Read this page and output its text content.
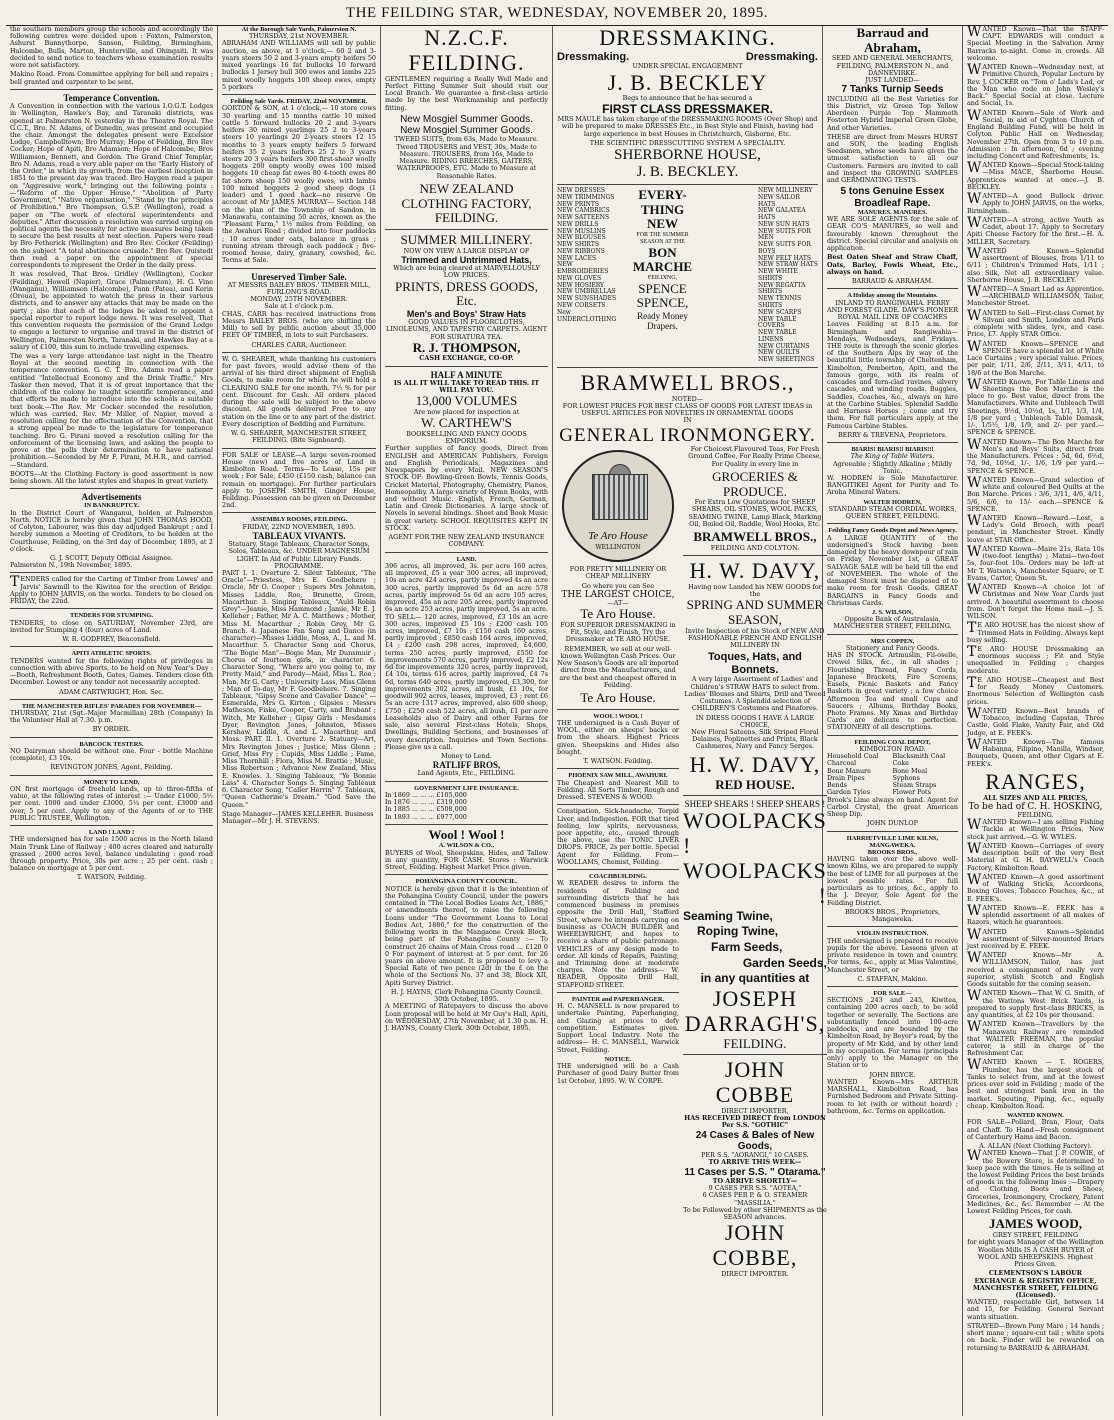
THE FEILDING STAR, WEDNESDAY, NOVEMBER 20, 1895.

the southern members group the schools and accordingly the following centres were decided upon : Foxton, Palmerston, Ashurst Bunnythorpe, Sanson, Feilding, Birmingham, Halcombe, Bulls, Marton, Hunterville, and Ohingaiti. It was decided to send notice to teachers whose examination results were not satisfactory.

Makino Road. From Committee applying for bell and repairs ; bell granted and carpenter to be sent.

Temperance Convention.

A Convention in connection with the various I.O.G.T. Lodges in Wellington, Hawke's Bay, and Taranaki districts, was opened at Palmerston N. yesterday in the Theatre Royal. The G.C.T., Bro. N. Adams, of Dunedin, was present and occupied the chair. Amongst the delegates present were Excelsior Lodge, Campbelltown; Bro Murray; Hope of Feilding, Bro Rev Cocker; Hope of Apiti, Bro Adamson; Hope of Halcombe, Bros Williamson, Bennett, and Gordon. The Grand Chief Templar, Bro N. Adams, read a very able paper on the "Early History of the Order," in which its growth, from the earliest inception in 1851 to the present day was traced. Bro Haygen read a paper on "Aggressive work," bringing out the following points :—"Reform of the Upper House," "Abolition of Party Government," "Native organisation," "Stand by the principles of Prohibition." Bro Thompson, G.S.P. (Wellington), read a paper on "The work of electoral superintendents and deputies." After discussion a resolution was carried urging on political agents the necessity for active measures being taken to secure the best results at next election. Papers were read by Bro Fetherick (Wellington) and Bro Rev. Cocker (Feilding) on the subject "A total abstinence crusade." Bro Rev. Quistedt then read a paper on the appointment of special correspondents to represent the Order in the daily press.

It was resolved, That Bros. Gridley (Wellington), Cocker (Feilding), Howell (Napier), Grace (Palmerston), H. G. Vine (Wanganui), Williamson (Halcombe), Pann (Patea), and Kerin (Oroua), be appointed to watch the press in their various districts, and to answer any attacks that may be made on the party ; also that each of the lodges be asked to appoint a special reporter to report lodge news. It was resolved, That this convention requests the permission of the Grand Lodge to engage a lecturer to organise and travel in the district of Wellington, Palmerston North, Taranaki, and Hawkes Bay at a salary of £100, this sum to include travelling expenses.

The was a very large attendance last night in the Theatre Royal at the second meeting in connection with the temperance convention. G. C. T. Bro. Adams read a paper entitled "Intellectual Economy and the Drink Traffic." Mrs Tasker then moved, That it is of great importance that the children of the colony be taught scientific temperance, and that efforts be made to introduce into the schools a suitable text book.—The Rev. Mr Cocker seconded the resolution, which was carried. Rev. Mr Miller, of Napier, moved a resolution calling for the effectuation of the Convention, that a strong appeal be made to the legislature for temperance teaching. Bro G. Pirani moved a resolution calling for the enforcement of the licensing laws, and asking the people to prove at the polls their determination to have national prohibition.—Seconded by Mr F. Pirani, M.H.R., and carried.—Standard.

BOOTS—At the Clothing Factory is good assortment is now being shown. All the latest styles and shapes in great variety.

Advertisements
IN BANKRUPTCY.

In the District Court of Wanganui, holden at Palmerston North. NOTICE is hereby given that JOHN THOMAS HOOD, of Colyton, Labourer, was this day adjudged Bankrupt ; and I hereby summon a Meeting of Creditors, to be holden at the Courthouse, Feilding, on the 3rd day of December, 1895, at 2 o'clock.

G. J. SCOTT, Deputy Official Assignee.
Palmerston N., 19th November, 1895.

TENDERS called for the Carting of Timber from Lowes' and Jarvis' Sawmill to the Kiwitea for the erection of Bridge. Apply to JOHN JARVIS, on the works. Tenders to be closed on FRIDAY, the 22nd.

TENDERS FOR STUMPING.

TENDERS, to close on SATURDAY, November 23rd, are invited for Stumping 4 (four) acres of Land.

W. R. GODFREY, Beaconsfield.
APITI ATHLETIC SPORTS.

TENDERS wanted for the following rights of privileges in connection with above Sports, to be held on New Year's Day :—Booth, Refreshment Booth, Gates, Games. Tenders close 6th December. Lowest or any tender not necessarily accepted.

ADAM CARTWRIGHT, Hon. Sec.
THE MANCHESTER RIFLES' PARADES FOR NOVEMBER—

THURSDAY, 21st (Sgt.-Major Macmillan) 28th (Company) In the Volunteer Hall at 7.30. p.m.

BY ORDER.
BABCOCK TESTERS.

NO Dairyman should be without one. Four - bottle Machine (complete), £3 10s.

REVINGTON JONES, Agent, Feilding.
MONEY TO LEND,

ON first mortgage of freehold lands, up to three-fifths of value, at the following rates of interest :— Under £1000, 5½ per cent. 1000 and under £3000, 5¼ per cent. £3000 and over, 5 per cent. Apply to any of the Agents of or to THE PUBLIC TRUSTEE, Wellington.

LAND ! LAND !

THE undersigned has for sale 1500 acres in the North Island Main Trunk Line of Railway ; 400 acres cleared and naturally grassed ; 2000 acres level, balance undulating : good road through property. Price, 30s per acre ; 25 per cent. cash ; balance on mortgage at 5 per cent.

T. WATSON, Feilding.
At the Borough Sale Yards, Palmerston N.
THURSDAY, 21st NOVEMBER.

ABRAHAM AND WILLIAMS will sell by public auction, as above, at 1 o'clock,— 60 2 and 3-years steers 50 2 and 3-years empty heifers 50 mixed yearlings 16 fat bullocks 10 forward bullocks 1 Jersey bull 300 ewes and lambs 225 mixed woolly hoggets 100 sheep ewes, empty 5 porkers

Feilding Sale Yards. FRIDAY, 22nd NOVEMBER.

GORTON & SON, at 1 o'clock,— 10 store cows 30 yearling and 15 months cattle 10 mixed cattle 5 forward bullocks 20 2 and 3-years heifers 30 mixed yearlings 25 2 to 3-years steers 10 yearlings 20 2-years steers 12 15 months to 3 years empty heifers 5 forward heifers 35 2 years heifers 25 2 to 3 years steers 20 3 years heifers 300 first-shear woolly hoggets 200 empty woolly ewes 100 mixed hoggets 10 cheap fat ewes 80 4-tooth ewes 80 fat shorn sheep 150 woolly ewes, with lambs 100 mixed hoggets 2 good sheep dogs (1 leader) and 1 good hack—no reserve On account of Mr JAMES MURRAY— Section 148 on the plan of the Township of Sandon, in Manawatu, containing 50 acres, known as the "Pleasant Farm," 1½ miles from Feilding, on the Awahuri Road ; divided into four paddocks ; 10 acres under oats, balance in grass ; running stream through each paddock ; five-roomed house, dairy, granary, cowshed, &c. Terms at Sale.

Unreserved Timber Sale.
AT MESSRS BAILEY BROS.' TIMBER MILL, FURLONG'S ROAD.
MONDAY, 25TH NOVEMBER.
Sale at 1 o'clock p.m.

CHAS. CARR has received instructions from Messrs BAILEY BROS. (who are shifting the Mill) to sell by public auction about 35,000 FEET OF TIMBER, in lots to suit Purchasers.

CHARLES CARR, Auctioneer.

W. G. SHEARER, while thanking his customers for past favors, would advise them of the arrival of his third direct shipment of English Goods, to make room for which he will hold a CLEARING SALE for one month. 7½ % for per cent. Discount for Cash. All orders placed during the sale will be subject to the above discount. All goods delivered Free to any station on the line or to any part of the district. Every description of Bedding and Furniture.

W. G. SHEARER, MANCHESTER STREET, FEILDING. (Bite Signboard).

FOR SALE or LEASE—A large seven-roomed House (new) and five acres of Land in Kimbolton Road. Terms—To Lease, 15s per week ; For Sale, £450 (£150 cash, balance can remain on mortgage). For further particulars apply to JOSEPH SMITH, Ginger House, Feilding. Possession can be given on December 2nd.

ASSEMBLY ROOMS, FEILDING.
FRIDAY, 22ND NOVEMBER, 1895.
TABLEAUX VIVANTS.
Statuary, Stage Tableaux, Character Songs, Solos, Tableaux, &c. UNDER MAGNESIUM LIGHT. In Aid of Public Library Funds. PROGRAMME.

PART I. 1. Overture 2. Silent Tableaux, "The Oracle"—Priestess, Mrs E. Goodbehere ; Oracle, Mr O. Cooper ; Supers Mrs Johnston, Misses Liddle, Roe, Brunette, Green, Macarthur. 3. Singing Tableaux, "Auld Robin Grey"—Jeanie, Miss Hammond ; Jamie, Mr E. J. Kelleher ; Father, Mr A. C. Matthews ; Mother, Miss M. Macarthur ; Robin Grey, Mr G. Branch. 4. Japanese Fan Song and Dance (in character)—Misses Liddle, Moss, A., L. and M. Macarthur. 5. Character Song and Chorus, "The Bogie Man"—Bogie Man, Mr Dunsmuir ; Chorus of fourteen girls, in character. 6. Character Song, "Where are you going to, my Pretty Maid," and Parody—Maid, Miss L. Roe ; Man, Mr G. Carty ; University Lass, Miss Glenn ; Man of To-day, Mr F. Goodbehere. 7. Singing Tableaux, "Gipsy Scene and Cavalier Dance" — Esmeralda, Mrs G. Kirton ; Gipsies : Messrs Matheson, Fiske, Cooper, Carty, and Brabant ; Witch, Mr Kelleher ; Gipsy Girls : Mesdames Dyer, Revington Jones, Johnston, Misses Kershaw, Liddle, A. and L. Macarthur, and Moss. PART II. 1. Overture 2. Statuary—Art, Mrs Revington Jones ; Justice, Miss Glenn ; Grief, Miss Fry ; Cupids, Miss Liddle ; Fame, Miss Thornhill ; Flora, Miss M. Brattie ; Music, Miss Robertson ; Advance New Zealand, Miss E. Knowles. 3. Singing Tableaux, "Ye Bonnie Lass" 4. Character Songs 5. Singing Tableaux 6. Character Song, "Caller Herrin" 7. Tableaux, "Queen Catherine's Dream." "God Save the Queen."

Stage Manager—JAMES KELLEHER. Business Manager—Mr J. H. STEVENS.
N.Z.C.F. FEILDING.

GENTLEMEN requiring a Really Well Made and Perfect Fitting Summer Suit should visit our Local Branch. We guarantee a first-class article made by the best Workmanship and perfectly fitting.

New Mosgiel Summer Goods.
New Mosgiel Summer Goods.

TWEED SUITS, from 63s, Made to Measure. Tweed TROUSERS and VEST, 30s, Made to Measure. TROUSERS, from 16s, Made to Measure. RIDING BREECHES, GAITERS, WATERPROOFS, ETC. Made to Measure at Reasonable Rates.

NEW ZEALAND CLOTHING FACTORY, FEILDING.
SUMMER MILLINERY.
NOW ON VIEW A LARGE DISPLAY OF
Trimmed and Untrimmed Hats,
Which are being cleared at MARVELLOUSLY LOW PRICES.
PRINTS, DRESS GOODS, Etc.
Men's and Boys' Straw Hats
GOOD VALUES IN FLOORCLOTHS, LINOLEUMS, AND TAPESTRY CARPETS. AGENT FOR SURATURA TEA.
R. J. THOMPSON,
CASH EXCHANGE, CO-OP.
HALF A MINUTE
IS ALL IT WILL TAKE TO READ THIS. IT WILL PAY YOU.
13,000 VOLUMES
Are now placed for inspection at
W. CARTHEW'S
BOOKSELLING AND FANCY GOODS EMPORIUM.

Further supplies of fancy goods, Direct from ENGLISH and AMERICAN Publishers, Foreign and English Periodicals, Magazines and Newspapers by every Mail. NEW SEASON'S STOCK OF: Bowling-Green Bowls, Tennis Goods, Cricket Material, Photography, Chemistry, Pianos, Homeopathy. A large variety of Hymn Books, with and without Music. English, French, German, Latin and Greek Dictionaries. A large stock of Novels in several bindings. Sheet and Book Music in great variety. SCHOOL REQUISITES KEPT IN STOCK.

AGENT FOR THE NEW ZEALAND INSURANCE COMPANY.
LAND.

396 acres, all improved, 3s. per acre 160 acres, all improved, £5 a year 300 acres, all improved, 10s an acre 424 acres, partly improved 4s an acre 300 acres, partly improved 5s 6d an acre 578 acres, partly improved 5s 6d an acre 105 acres, improved, 45s an acre 205 acres, partly improved 6s an acre 253 acres, partly improved, 5s an acre. TO SELL— 120 acres, improved, £3 10s an acre 300 acres, improved £5 10s ; £200 cash 105 acres, improved, £7 10s ; £150 cash 160 acres, partly improved ; £850 cash 164 acres, improved, £4 ; £200 cash 298 acres, improved, £4,600, terms 250 acres, partly improved, £550 for improvements 570 acres, partly improved, £2 12s 6d for improvements 320 acres, partly improved, £4 10s, terms 616 acres, partly improved, £4 7s 6d, terms 640 acres, partly improved, £3,300, for improvements 302 acres, all bush, £1 10s, for goodwill 902 acres, leases, improved, £3 ; rent £6 5s an acre 1317 acres, improved, also 600 sheep, £750 ; £250 cash 522 acres, all bush, £1 per acre Leaseholds also of Dairy and other Farms for sale, also several First-class Hotels, Shops, Dwellings, Building Sections, and businesses of every description. Inquiries and Town Sections. Please give us a call.

Money to Lend.
RATLIFF BROS,
Land Agents, Etc., FEILDING.
GOVERNMENT LIFE INSURANCE.
In 1869 ... ... ... £105,000
In 1876 ... ... ... £319,000
In 1885 ... ... ... £508,000
In 1893 ... ... ... £977,000
Wool ! Wool !
A. WILSON & CO.,

BUYERS of Wool, Sheepskins, Hides, and Tallow in any quantity, FOR CASH. Stores : Warwick Street, Feilding. Highest Market Price given.

POHANGINA COUNTY COUNCIL.

NOTICE is hereby given that it is the intention of the Pohangina County Council, under the powers contained in "The Local Bodies Loans Act, 1886," or amendments thereof, to raise the following Loans under "The Government Loans to Local Bodies Act, 1886," for the construction of the following works in the Mangaone Creek Block, being part of the Pohangina County :— To construct 26 chains of Main Cross road ... £120 0 0 For payment of interest at 5 per cent. for 26 years on above amount. It is proposed to levy a Special Rate of two pence (2d) in the £ on the whole of the Sections No. 37 and 38, Block XII, Apiti Survey District.

H. J. HAYNS, Clerk Pohangina County Council. 30th October, 1895.

A MEETING of Ratepayers to discuss the above Loan proposal will be held at Mr Guy's Hall, Apiti, on WEDNESDAY, 27th November, at 1.30 p.m. H. J. HAYNS, County Clerk. 30th October, 1895.

DRESSMAKING.
Dressmaking.	Dressmaking.
UNDER SPECIAL ENGAGEMENT
J. B. BECKLEY
Begs to announce that he has secured a
FIRST CLASS DRESSMAKER.

MRS MAULE has taken charge of the DRESSMAKING ROOMS (Over Shop) and will be prepared to make DRESSES Etc., in Best Style and Finish, having had large experience in best Houses in Christchurch, Gisborne, Etc.

THE SCIENTIFIC DRESSCUTTING SYSTEM A SPECIALITY.
SHERBORNE HOUSE,
J. B. BECKLEY.
NEW DRESSES
NEW TRIMMINGS
NEW PRINTS
NEW CAMBRICS
NEW SATTEENS
NEW DRILLS
NEW MUSLINS
NEW BLOUSES
NEW SHIRTS
NEW RIBBONS
NEW LACES
NEW EMBROIDERIES
NEW GLOVES
NEW HOSIERY
NEW UMBRELLAS
NEW SUNSHADES
NEW CORSETS
New UNDERCLOTHING
EVERY-
THING
NEW
FOR THE SUMMER SEASON AT THE
BON MARCHE
FEILDING,
SPENCE
SPENCE,
Ready Money Drapers.
NEW MILLINERY
NEW SAILOR HATS
NEW GALATEA HATS
NEW SUN HATS
NEW SUITS FOR MEN
NEW SUITS FOR BOYS
NEW FELT HATS
NEW STRAW HATS
NEW WHITE SHIRTS
NEW REGATTA SHIRTS
NEW TENNIS SHIRTS
NEW SCARFS
NEW TABLE COVERS
NEW TABLE LINENS
NEW CURTAINS
NEW QUILTS
NEW SHEETINGS
BRAMWELL BROS.,
NOTED—
FOR LOWEST PRICES FOR BEST CLASS OF GOODS FOR LATEST IDEAS in USEFUL ARTICLES FOR NOVELTIES IN ORNAMENTAL GOODS
IN
GENERAL IRONMONGERY.
Te Aro House
WELLINGTON

FOR PRETTY MILLINERY OR CHEAP MILLINERY

Go where you can See
THE LARGEST CHOICE,
—AT—
Te Aro House.

FOR SUPERIOR DRESSMAKING in Fit, Style, and Finish, Try the Dressmaker at TE ARO HOUSE.

REMEMBER, we sell at our well-known Wellington Cash Prices. Our New Season's Goods are all imported direct from the Manufacturers, and are the best and cheapest offered in Feilding.

Te Aro House.
WOOL ! WOOL !

THE undersigned is a Cash Buyer of WOOL, either on sheeps' backs or from the shears. Highest Prices given. Sheepskins and Hides also bought.

T. WATSON. Feilding.
PHOENIX SAW MILL, AWAHURI.

The Cheapest and Nearest Mill to Feilding. All Sorts Timber, Rough and Dressed. STEVENS & WOOD.

Constipation, Sick-headache, Torpid Liver, and Indigestion. FOR that tired feeling, low spirits, nervousness, poor appetite, etc., caused through the above, use the TONIC LIVER DROPS. PRICE, 2s per bottle. Special Agent for Feilding. From— WOOLLAMS, Chemist, Feilding.

COACHBUILDING.

W. READER desires to inform the residents of Feilding and surrounding districts that he has commenced business in premises opposite the Drill Hall, Stafford Street, where he intends carrying on business as COACH BUILDER and WHEELWRIGHT, and hopes to receive a share of public patronage. VEHICLES of any design made to order. All kinds of Repairs, Painting, and Trimming done at moderate charges. Note the address— W. READER, Opposite Drill Hall, STAFFORD STREET.

PAINTER and PAPERHANGER.

H. C. MANSELL is now prepared to undertake Painting, Paperhanging, and Glazing at prices to defy competition. Estimates given. Support Local Industry. Note the address— H. C. MANSELL, Warwick Street, Feilding.

NOTICE.

THE undersigned will be a Cash Purchaser of good Dairy Butter from 1st October, 1895. W. W. CORPE.

For Choicest Flavoured Teas, For Fresh Ground Coffee, For Really Prime Cheese, For Quality in every line in

GROCERIES & PRODUCE.

For Extra Low Quotations for SHEEP SHEARS, OIL STONES, WOOL PACKS, SEAMING TWINE, Lamp Black, Marking Oil, Boiled Oil, Raddle, Wool Hooks, Etc.

BRAMWELL BROS.,
FEILDING AND COLYTON.
H. W. DAVY,
Having now Landed his NEW GOODS for the
SPRING AND SUMMER SEASON,

Invite Inspection of his Stock of NEW AND FASHIONABLE FRENCH AND ENGLISH MILLINERY IN

Toques, Hats, and Bonnets.

A very large Assortment of Ladies' and Children's STRAW HATS to select from. Ladies' Blouses and Shirts, Drill and Tweed Costumes. A Splendid selection of CHILDREN'S Costumes and Pinafores.

IN DRESS GOODS I HAVE A LARGE CHOICE,

New Floral Sateens, Silk Striped Floral Delaines, Poplinettes and Prints, Black Cashmeres, Navy and Fancy Serges.

H. W. DAVY,
RED HOUSE.
SHEEP SHEARS ! SHEEP SHEARS !
WOOLPACKS !
WOOLPACKS !
Seaming Twine,
Roping Twine,
Farm Seeds,
Garden Seeds,
in any quantities at
JOSEPH DARRAGH'S,
FEILDING.
JOHN COBBE
DIRECT IMPORTER,
HAS RECEIVED DIRECT from LONDON Per S.S. "GOTHIC"
24 Cases & Bales of New Goods,
PER S.S. "AORANGI," 10 CASES.
TO ARRIVE THIS WEEK—
11 Cases per S.S. " Otarama."
TO ARRIVE SHORTLY—
9 CASES PER S.S. "AOTEA,"
6 CASES PER P. & O. STEAMER "MASSILIA."
To be Followed by other SHIPMENTS as the SEASON advances.
JOHN COBBE,
DIRECT IMPORTER.
Barraud and Abraham,
SEED AND GENERAL MERCHANTS,
FEILDING, PALMERSTON N., and DANNEVIRKE.
JUST LANDED—
7 Tanks Turnip Seeds

INCLUDING all the Best Varieties for this District, viz Green Top Yellow Aberdeen Purple Top Mammoth Fosterton Hybrid Imperial Green Globe, And other Varieties.

THESE are direct from Messrs HURST and SON, the leading English Seedsmen, whose seeds have given the utmost satisfaction to all our Customers. Farmers are invited to call and inspect the GROWING SAMPLES and GERMINATING TESTS.

5 tons Genuine Essex Broadleaf Rape.
MANURES. MANURES.

WE ARE SOLE AGENTS for the sale of GEAR CO'S MANURES, so well and favourably known throughout the district. Special circular and analysis on application.

Best Oaten Sheaf and Straw Chaff, Oats, Barley, Fowls Wheat, Etc., always on hand.

BARRAUD & ABRAHAM.
A Holiday among the Mountains.
INLAND TO RANGIWAHIA. FERRY AND FOREST GLADE. DAW'S PIONEER ROYAL MAIL LINE OF COACHES

Leaves Feilding at 8.15 a.m. for Birmingham and Rangiwahia—Mondays, Wednesdays, and Fridays. THE route is through the scenic glories of the Southern Alps by way of the beautiful little township of Cheltenham, Kimbolton, Pemberton, Apiti, and the famous gorge, with its realm of cascades and fern-clad ravines, silvery cascades, and winding roads. Buggies, Saddles, Coaches, &c., always on hire at the Carbine Stables. Splendid Saddle and Harness Horses ; come and try them. For full particulars apply at the Famous Carbine Stables.

BERRY & TREVENA, Proprietors.
BIARIS! BIARIS!! BIARIS!!!
The King of Table Waters.
Agreeable ; Slightly Alkaline ; Mildly Tonic.

W. HODREN is Sole Manufacturer. RANGITIKEI Agent for Purity and To Aroha Mineral Waters.

WALTER HODREN,
STANDARD STEAM CORDIAL WORKS, QUEEN STREET, FEILDING.
Feilding Fancy Goods Depot and News Agency.

A LARGE QUANTITY of the undersigned's Stock having been damaged by the heavy downpour of rain on Friday, November 1st, a GREAT SALVAGE SALE will be held till the end of NOVEMBER. The whole of the damaged Stock must be disposed of to make room for fresh Goods. GREAT BARGAINS in Fancy Goods and Christmas Cards.

J. S. WILSON,
Opposite Bank of Australasia, MANCHESTER STREET, FEILDING.
MRS COPPEN,
Stationery and Fancy Goods.

HAS IN STOCK. Artmuslin, Fil-oselle, Crewel Silks, &c., in all shades ; Flourishing Thread, Fancy Cords, Japanese Brackets, Fire Screens, Easels, Picnic Baskets and Fancy Baskets in great variety ; a few choice Afternoon Tea and small Cups and Saucers ; Albums, Birthday Books, Photo Frames. My Xmas and Birthday Cards are delicate to perfection. STATIONERY of all descriptions.

FEILDING COAL DEPOT,
KIMBOLTON ROAD.
Household Coal	Blacksmith Coal
Charcoal	Coke
Bone Manure	Bone Meal
Drain Pipes	Syphons
Bends	Steam Straps
Garden Tyles	Flower Pots

Brook's Lime always on hand. Agent for Carbol Crystal, the great American Sheep Dip.

JOHN DUNLOP
HARRIETVILLE LIME KILNS, MANGAWEKA.
BROOKS BROS.,

HAVING taken over the above well-known Kilns, we are prepared to supply the best of LIME for all purposes at the lowest possible rates. For full particulars as to prices, &c., apply to the J. Dreyer, Sole Agent for the Feilding District.

BROOKS BROS., Proprietors, Mangaweka.
VIOLIN INSTRUCTION.

THE undersigned is prepared to receive pupils for the above. Lessons given at private residence in town and country. For terms, &c., apply at Miss Valentine, Manchester Street, or

C. STAFFAN, Makino.
FOR SALE—

SECTIONS 243 and 245, Kiwitea, containing 200 acres each, to be sold together or severally. The Sections are substantially fenced into 100-acre paddocks, and are bounded by the Kimbolton Road, by Beyer's road, by the property of Mr Kidd, and by other land in my occupation. For terms (principals only) apply to the Manager on the Station or to

JOHN BRYCE.

WANTED Known—Mrs ARTHUR MARSHALL, Kimbolton Road, has Furnished Bedroom and Private Sitting-room to let (with or without board) ; bathroom, &c. Terms on application.

WANTED Known—That the STAFF-CAPT. EDWARDS will conduct a Special Meeting in the Salvation Army Barracks to-night. Come in crowds. All welcome.

WANTED Known—Wednesday next, at Primitive Church, Popular Lecture by Rev. J. COCKER on "Tom o' Lads's Lad, or the Man who rode on John Wesley's Back." Special Social at close. Lecture and Social, 1s.

WANTED Known—Sale of Work and Social, in aid of Cyghton Church of England Building Fund, will be held in Colyton Public Hall on Wednesday, November 27th. Open from 3 to 10 p.m. Admission : In afternoon, 6d ; evening including Concert and Refreshments, 1s.

WANTED Known—Special Stock-taking—Miss MACE, Sherborne House. Apprentices wanted at once.—J. B. BECKLEY.

WANTED—A good Bullock driver. Apply to JOHN JARVIS, on the works, Birmingham.

WANTED—A strong, active Youth as Cadet, about 17. Apply to Secretary Apiti Cheese Factory for the first.—H. A. MILLER, Secretary.

WANTED Known—Splendid assortment of Blouses, from 1/11 to 6/11 ; Children's Trimmed Hats, 1/11 ; also Silk, Net all extraordinary value. Sherborne House, J. B. BECKLEY.

WANTED—A Smart Lad as Apprentice.—ARCHIBALD WILLIAMSON, Tailor, Manchester Street.

WANTED to Sell—First-class Cornet by Silvani and Smith, London and Paris ; complete with slides, lyre, and case. Price, £7. Apply STAR Office.

WANTED Known—SPENCE and SPENCE have a splendid lot of White Lace Curtains ; very special value. Prices, per pair, 1/11, 2/6, 2/11, 3/11, 4/11, to 18/6 at the Bon Marche.

WANTED Known, For Table Linens and Sheetings the Bon Marche is the place to go. Best value, direct from the Manufacturers. White and Unbleach Twill Sheetings, 9½d, 10½d, 1s, 1/1, 1/3, 1/4, 1/8 per yard ; Unbleach Table Damask, 1/-, 1/5½, 1/8, 1/9, and 2/- per yard.—SPENCE & SPENCE.

WANTED Known—The Bon Marche for Men's and Boys' Suits, direct from the Manufacturers. Prices : 5d, 6d, 6½d, 7d, 9d, 10½d, 1/-, 1/6, 1/9 per yard.—SPENCE & SPENCE.

WANTED Known—Grand selection of white and coloured Bed Quilts at the Bon Marche. Prices : 3/6, 3/11, 4/6, 4/11, 5/6, 6/6, to 15/- each.—SPENCE & SPENCE.

WANTED Known—Reward.—Lost, a Lady's Gold Brooch, with pearl pendant, in Manchester Street. Kindly leave at STAR Office.

WANTED Known—Maire 21s, Rata 10s (two-foot lengths) ; Matai—two-foot 5s, four-foot 10s. Orders may be left at Mr T. Watson's, Manchester Square, or T. Evans, Carter, Queen St.

WANTED Known—A choice lot of Christmas and New Year Cards just arrived. A beautiful assortment to choose from. Don't forget the Home mail.—J. S. WILSON.

TE ARO HOUSE has the nicest show of Trimmed Hats in Feilding. Always kept busy selling.

TE ARO HOUSE Dressmaking an enormous success ; Fit and Style unequalled in Feilding ; charges moderate.

TE ARO HOUSE—Cheapest and Best for Ready Money Customers. Enormous Selection of Wellington cash prices.

WANTED Known—Best brands of Tobacco, including Capstan, Three Castle, Gold Flake, Vanity Fair, and Old Judge, at E. FEEK's.

WANTED Known—The famous Habanna, Filipino, Manilla, Windsor, Bouquets, Queen, and other Cigars at E. FEEK's.

RANGES,
ALL SIZES AND ALL PRICES,
To be had of C. H. HOSKING,
FEILDING.

WANTED Known—I am selling Fishing Tackle at Wellington Prices. New stock just arrived.—G. W. WYLES.

WANTED Known—Carriages of every description built of the very Best Material at G. H. BAYWELL's Coach Factory, Kimbolton Road.

WANTED Known—A good assortment of Walking Sticks, Accordeons, Boxing Gloves, Tobacco Pouches, &c., at E. FEEK's.

WANTED Known—E. FEEK has a splendid assortment of all makes of Razors, which he guarantees.

WANTED Known—Splendid assortment of Silver-mounted Briars just received by E. FEEK.

WANTED Known—Mr A. WILLIAMSON, Tailor, has just received a consignment of really very superior, stylish Scotch and English Goods suitable for the coming season.

WANTED Known—That W. G. Smith, of the Wattons West Brick Yards, is prepared to supply first-class BRICKS, in any quantities, at £2 10s per thousand.

WANTED Known—Travellers by the Manawatu Railway are reminded that WALTER FREEMAN, the popular caterer, is still in charge of the Refreshment Car.

WANTED Known — T. ROGERS, Plumber, has the largest stock of Tanks to select from, and at the lowest prices ever sold in Feilding ; made of the best and strongest bank iron in the market. Spouting, Piping, &c., equally cheap. Kimbolton Road.

WANTED KNOWN.

FOR SALE—Pollard, Bran, Flour, Oats and Chaff. To Hand—Fresh consignment of Canterbury Hams and Bacon.

A. ALLAN (Next Clothing Factory).

WANTED Known—That J. P. COWIE, of the Bowery Store, is determined to keep pace with the times. He is selling at the lowest Feilding Prices the best brands of goods in the following lines :—Drapery and Clothing, Boots and Shoes, Groceries, Ironmongery, Crockery, Patent Medicines, &c., &c. Remember — At the Lowest Feilding Prices, for cash.

JAMES WOOD,
GREY STREET, FEILDING

for eight years Manager of the Wellington Woollen Mills IS A CASH BUYER of WOOL AND SHEEPSKINS. Highest Prices Given.

CLEMENTSON'S LABOUR EXCHANGE & REGISTRY OFFICE, MANCHESTER STREET, FEILDING (Licensed).

WANTED, respectable Girl, between 14 and 15, for Feilding. General Servant wants situation.

STRAYED—Brown Pony Mare ; 14 hands ; short mane ; square-cut tail ; white spots on back. Finder will be rewarded on returning to BARRAUD & ABRAHAM.
